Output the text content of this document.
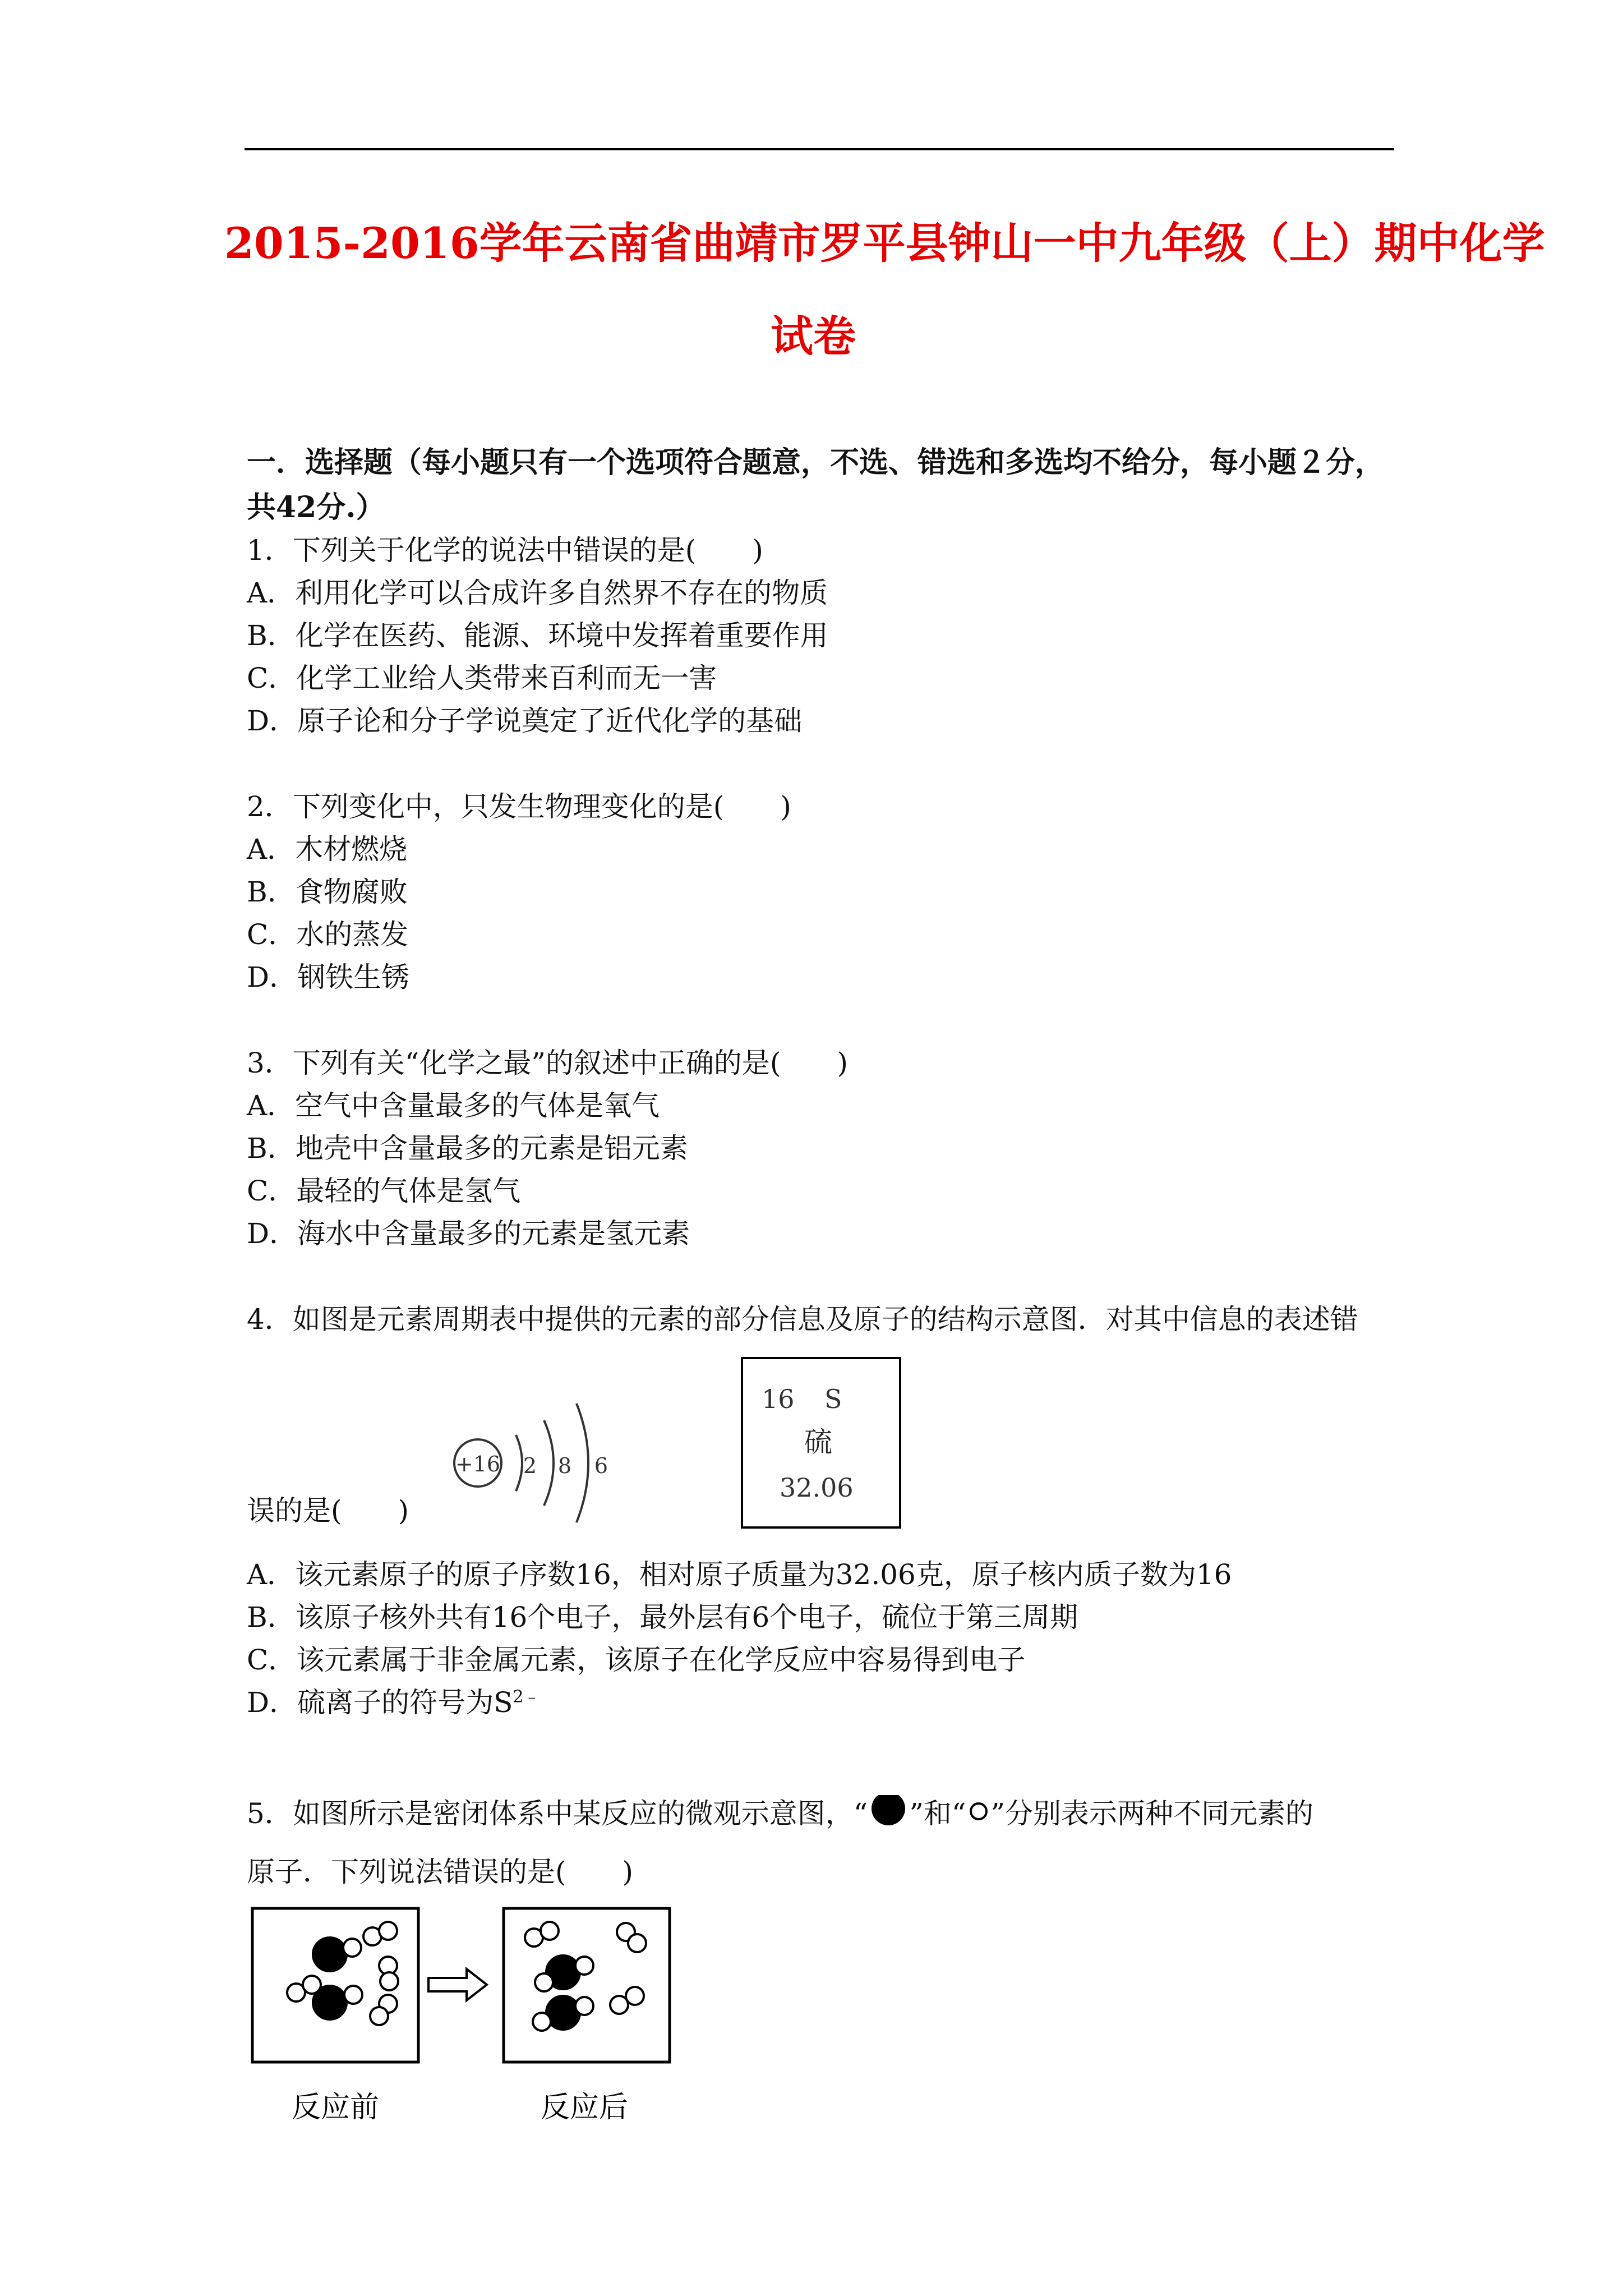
2015-2016学年云南省曲靖市罗平县钟山一中九年级（上）期中化学
试卷
一．选择题（每小题只有一个选项符合题意，不选、错选和多选均不给分，每小题２分，共42分.）
1．下列关于化学的说法中错误的是(　　)
A．利用化学可以合成许多自然界不存在的物质
B．化学在医药、能源、环境中发挥着重要作用
C．化学工业给人类带来百利而无一害
D．原子论和分子学说奠定了近代化学的基础
2．下列变化中，只发生物理变化的是(　　)
A．木材燃烧
B．食物腐败
C．水的蒸发
D．钢铁生锈
3．下列有关“化学之最”的叙述中正确的是(　　)
A．空气中含量最多的气体是氧气
B．地壳中含量最多的元素是铝元素
C．最轻的气体是氢气
D．海水中含量最多的元素是氢元素
4．如图是元素周期表中提供的元素的部分信息及原子的结构示意图．对其中信息的表述错
+16 2 8 6
16 S
硫
32.06
误的是(　　)
A．该元素原子的原子序数16，相对原子质量为32.06克，原子核内质子数为16
B．该原子核外共有16个电子，最外层有6个电子，硫位于第三周期
C．该元素属于非金属元素，该原子在化学反应中容易得到电子
D．硫离子的符号为$S^{2﹣}$
5．如图所示是密闭体系中某反应的微观示意图，“ ”和“ ”分别表示两种不同元素的
原子．下列说法错误的是(　　)
反应前	反应后
